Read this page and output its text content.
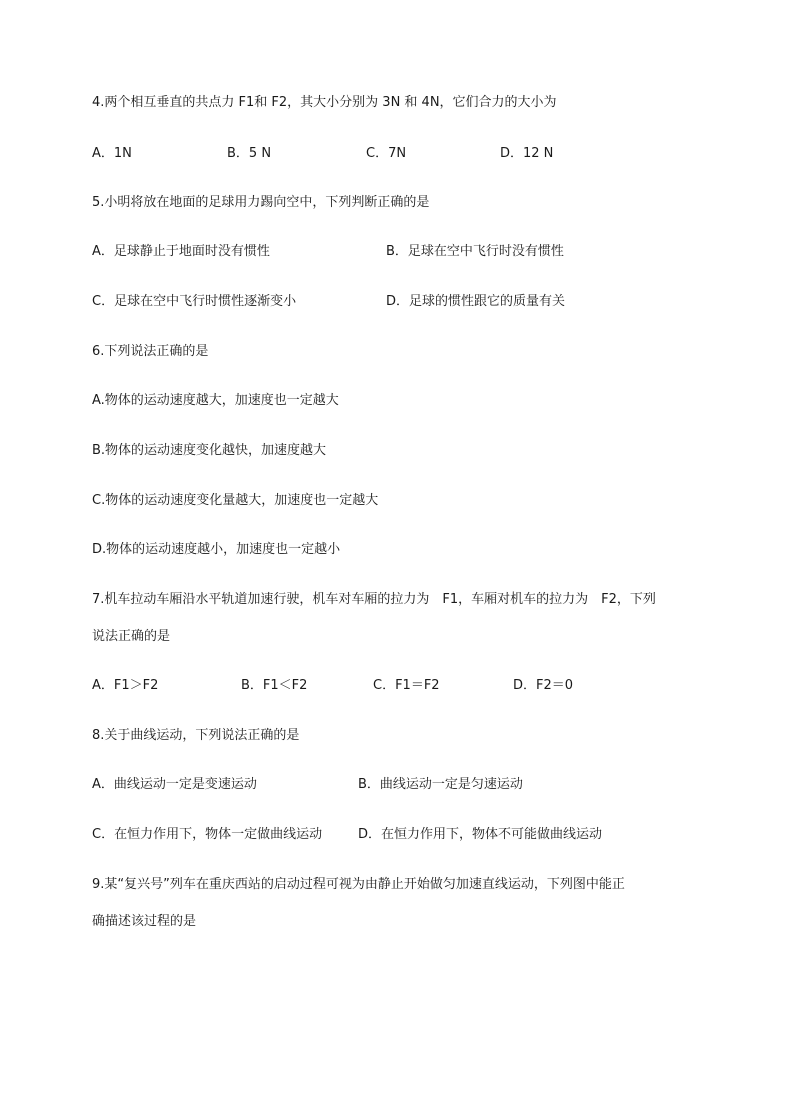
4.两个相互垂直的共点力 F1和 F2，其大小分别为 3N 和 4N，它们合力的大小为
A．1N	B．5 N	C．7N	D．12 N
5.小明将放在地面的足球用力踢向空中，下列判断正确的是
A．足球静止于地面时没有惯性	B．足球在空中飞行时没有惯性
C．足球在空中飞行时惯性逐渐变小	D．足球的惯性跟它的质量有关
6.下列说法正确的是
A.物体的运动速度越大，加速度也一定越大
B.物体的运动速度变化越快，加速度越大
C.物体的运动速度变化量越大，加速度也一定越大
D.物体的运动速度越小，加速度也一定越小
7.机车拉动车厢沿水平轨道加速行驶，机车对车厢的拉力为　F1，车厢对机车的拉力为　F2，下列
说法正确的是
A．F1＞F2	B．F1＜F2	C．F1＝F2	D．F2＝0
8.关于曲线运动，下列说法正确的是
A．曲线运动一定是变速运动	B．曲线运动一定是匀速运动
C．在恒力作用下，物体一定做曲线运动	D．在恒力作用下，物体不可能做曲线运动
9.某“复兴号”列车在重庆西站的启动过程可视为由静止开始做匀加速直线运动，下列图中能正
确描述该过程的是
